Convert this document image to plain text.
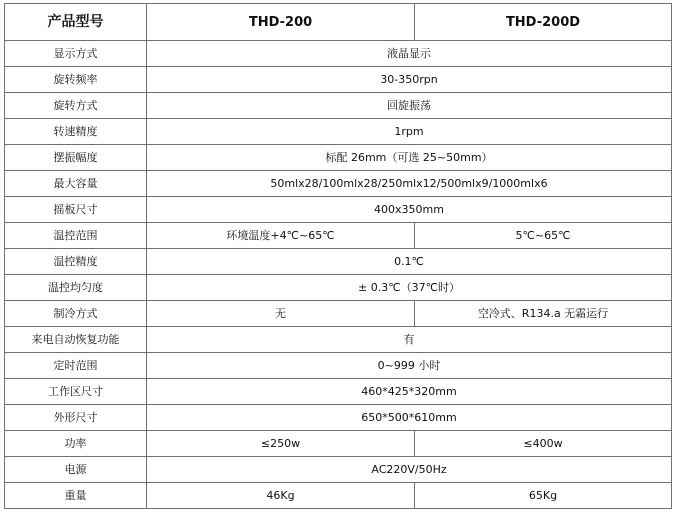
产品型号	THD-200	THD-200D
显示方式	液晶显示	
旋转频率	30-350rpn	
旋转方式	回旋振荡	
转速精度	1rpm	
摆振幅度	标配 26mm（可选 25~50mm）	
最大容量	50mlx28/100mlx28/250mlx12/500mlx9/1000mlx6	
摇板尺寸	400x350mm	
温控范围	环境温度+4℃~65℃	5℃~65℃
温控精度	0.1℃	
温控均匀度	± 0.3℃（37℃时）	
制冷方式	无	空冷式、R134.a 无霜运行
来电自动恢复功能	有	
定时范围	0~999 小时	
工作区尺寸	460*425*320mm	
外形尺寸	650*500*610mm	
功率	≤250w	≤400w
电源	AC220V/50Hz	
重量	46Kg	65Kg
